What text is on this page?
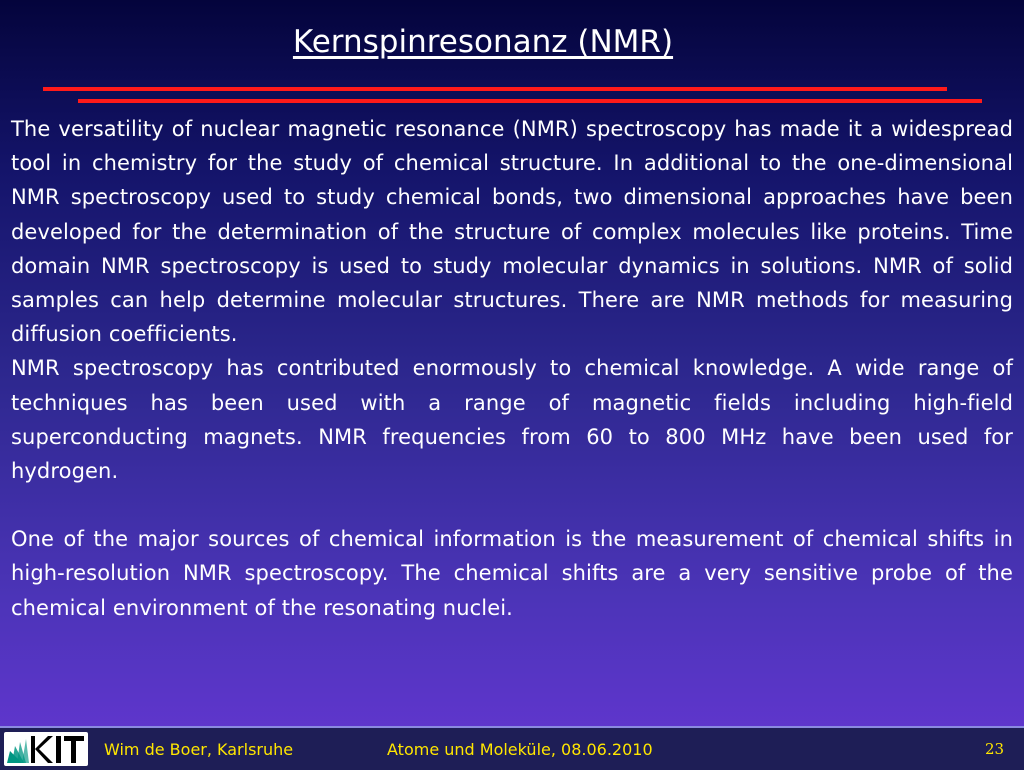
Kernspinresonanz (NMR)

The versatility of nuclear magnetic resonance (NMR) spectroscopy has made it a widespread tool in chemistry for the study of chemical structure. In additional to the one-dimensional NMR spectroscopy used to study chemical bonds, two dimensional approaches have been developed for the determination of the structure of complex molecules like proteins. Time domain NMR spectroscopy is used to study molecular dynamics in solutions. NMR of solid samples can help determine molecular structures. There are NMR methods for measuring diffusion coefficients.

NMR spectroscopy has contributed enormously to chemical knowledge. A wide range of techniques has been used with a range of magnetic fields including high-field superconducting magnets. NMR frequencies from 60 to 800 MHz have been used for hydrogen.

One of the major sources of chemical information is the measurement of chemical shifts in high-resolution NMR spectroscopy. The chemical shifts are a very sensitive probe of the chemical environment of the resonating nuclei.

Wim de Boer, Karlsruhe	Atome und Moleküle, 08.06.2010	23
